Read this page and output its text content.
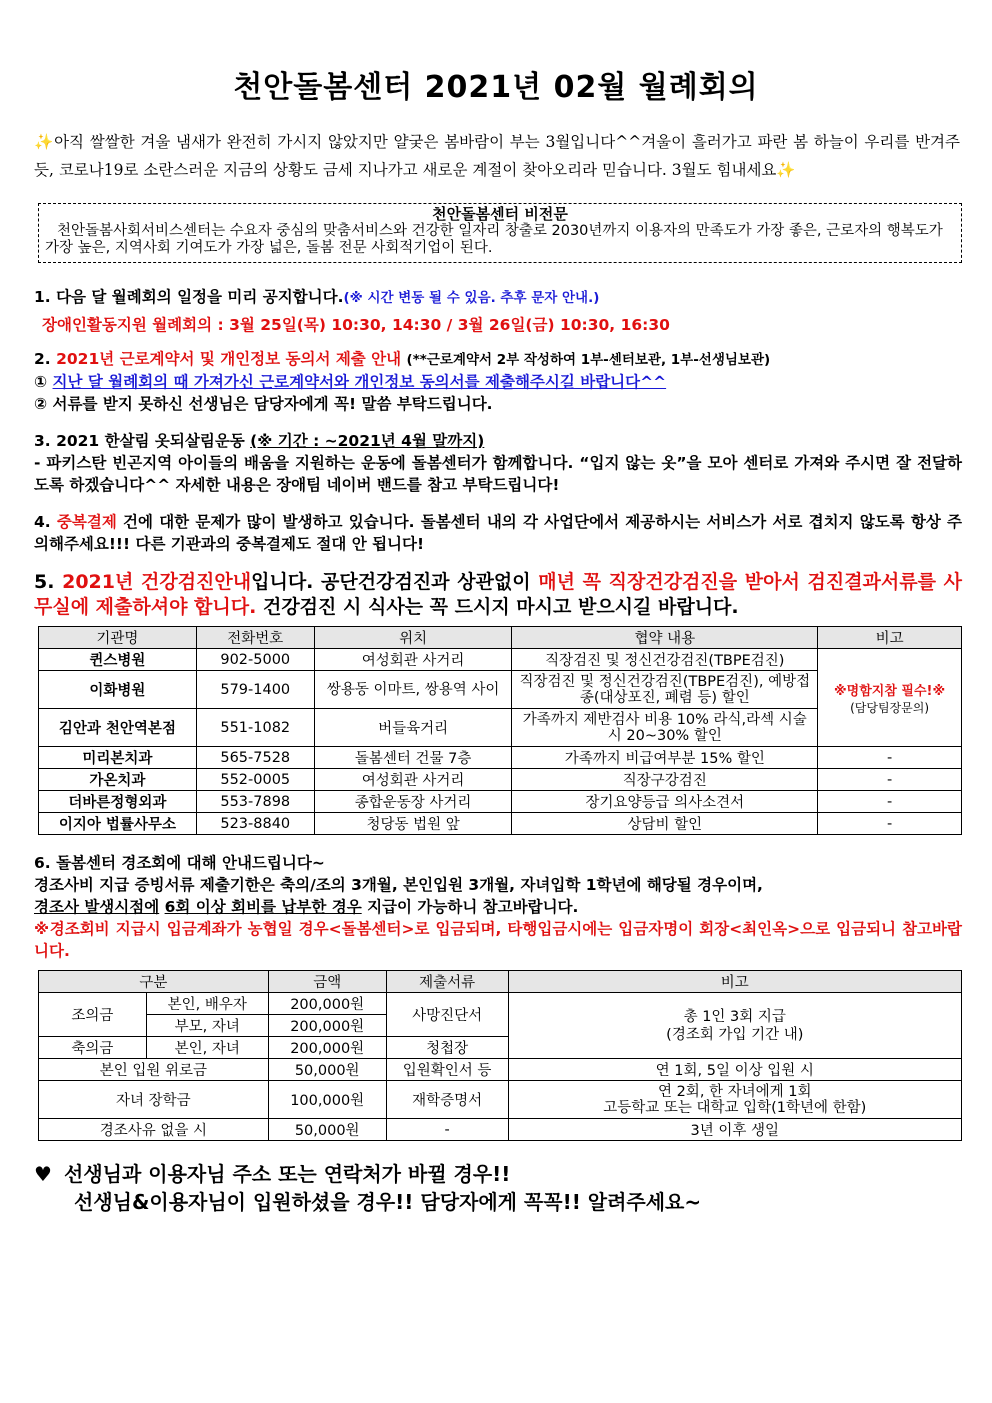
천안돌봄센터 2021년 02월 월례회의
✨아직 쌀쌀한 겨울 냄새가 완전히 가시지 않았지만 얄궂은 봄바람이 부는 3월입니다^^겨울이 흘러가고 파란 봄 하늘이 우리를 반겨주듯, 코로나19로 소란스러운 지금의 상황도 금세 지나가고 새로운 계절이 찾아오리라 믿습니다. 3월도 힘내세요✨
천안돌봄센터 비전문
천안돌봄사회서비스센터는 수요자 중심의 맞춤서비스와 건강한 일자리 창출로 2030년까지 이용자의 만족도가 가장 좋은, 근로자의 행복도가 가장 높은, 지역사회 기여도가 가장 넓은, 돌봄 전문 사회적기업이 된다.
1. 다음 달 월례회의 일정을 미리 공지합니다.(※ 시간 변동 될 수 있음. 추후 문자 안내.)
장애인활동지원 월례회의 : 3월 25일(목) 10:30, 14:30 / 3월 26일(금) 10:30, 16:30
2. 2021년 근로계약서 및 개인정보 동의서 제출 안내 (**근로계약서 2부 작성하여 1부-센터보관, 1부-선생님보관)
① 지난 달 월례회의 때 가져가신 근로계약서와 개인정보 동의서를 제출해주시길 바랍니다^^
② 서류를 받지 못하신 선생님은 담당자에게 꼭! 말씀 부탁드립니다.
3. 2021 한살림 옷되살림운동 (※ 기간 : ~2021년 4월 말까지)
- 파키스탄 빈곤지역 아이들의 배움을 지원하는 운동에 돌봄센터가 함께합니다. “입지 않는 옷”을 모아 센터로 가져와 주시면 잘 전달하도록 하겠습니다^^ 자세한 내용은 장애팀 네이버 밴드를 참고 부탁드립니다!
4. 중복결제 건에 대한 문제가 많이 발생하고 있습니다. 돌봄센터 내의 각 사업단에서 제공하시는 서비스가 서로 겹치지 않도록 항상 주의해주세요!!! 다른 기관과의 중복결제도 절대 안 됩니다!
5. 2021년 건강검진안내입니다. 공단건강검진과 상관없이 매년 꼭 직장건강검진을 받아서 검진결과서류를 사무실에 제출하셔야 합니다. 건강검진 시 식사는 꼭 드시지 마시고 받으시길 바랍니다.
기관명	전화번호	위치	협약 내용	비고
퀸스병원	902-5000	여성회관 사거리	직장검진 및 정신건강검진(TBPE검진)	※명함지참 필수!※
(담당팀장문의)

이화병원	579-1400	쌍용동 이마트, 쌍용역 사이	직장검진 및 정신건강검진(TBPE검진), 예방접종(대상포진, 폐렴 등) 할인	
김안과 천안역본점	551-1082	버들육거리	가족까지 제반검사 비용 10% 라식,라섹 시술 시 20~30% 할인	
미리본치과	565-7528	돌봄센터 건물 7층	가족까지 비급여부분 15% 할인	-
가온치과	552-0005	여성회관 사거리	직장구강검진	-
더바른정형외과	553-7898	종합운동장 사거리	장기요양등급 의사소견서	-
이지아 법률사무소	523-8840	청당동 법원 앞	상담비 할인	-
6. 돌봄센터 경조회에 대해 안내드립니다~
경조사비 지급 증빙서류 제출기한은 축의/조의 3개월, 본인입원 3개월, 자녀입학 1학년에 해당될 경우이며,
경조사 발생시점에 6회 이상 회비를 납부한 경우 지급이 가능하니 참고바랍니다.
※경조회비 지급시 입금계좌가 농협일 경우<돌봄센터>로 입금되며, 타행입금시에는 입금자명이 회장<최인옥>으로 입금되니 참고바랍니다.
구분		금액	제출서류	비고
조의금	본인, 배우자	200,000원	사망진단서	총 1인 3회 지급
(경조회 가입 기간 내)

	부모, 자녀	200,000원		
축의금	본인, 자녀	200,000원	청첩장	
본인 입원 위로금		50,000원	입원확인서 등	연 1회, 5일 이상 입원 시
자녀 장학금		100,000원	재학증명서	연 2회, 한 자녀에게 1회
고등학교 또는 대학교 입학(1학년에 한함)

경조사유 없을 시		50,000원	-	3년 이후 생일
♥ 선생님과 이용자님 주소 또는 연락처가 바뀔 경우!!
선생님&이용자님이 입원하셨을 경우!! 담당자에게 꼭꼭!! 알려주세요~
